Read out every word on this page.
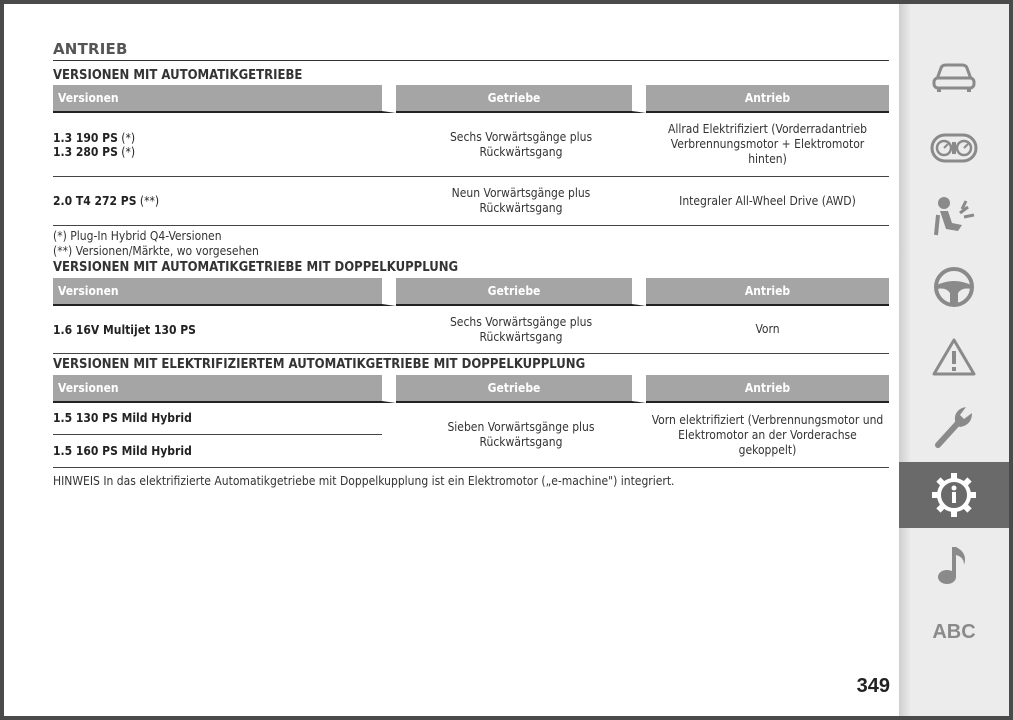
ANTRIEB
VERSIONEN MIT AUTOMATIKGETRIEBE
Versionen	Getriebe	Antrieb

1.3 190 PS (*)
1.3 280 PS (*)	Sechs Vorwärtsgänge plus Rückwärtsgang	Allrad Elektrifiziert (Vorderradantrieb Verbrennungsmotor + Elektromotor hinten)

2.0 T4 272 PS (**)	Neun Vorwärtsgänge plus Rückwärtsgang	Integraler All-Wheel Drive (AWD)
(*) Plug-In Hybrid Q4-Versionen
(**) Versionen/Märkte, wo vorgesehen
VERSIONEN MIT AUTOMATIKGETRIEBE MIT DOPPELKUPPLUNG
Versionen	Getriebe	Antrieb
1.6 16V Multijet 130 PS	Sechs Vorwärtsgänge plus Rückwärtsgang	Vorn
VERSIONEN MIT ELEKTRIFIZIERTEM AUTOMATIKGETRIEBE MIT DOPPELKUPPLUNG
Versionen	Getriebe	Antrieb

1.5 130 PS Mild Hybrid
1.5 160 PS Mild Hybrid	Sieben Vorwärtsgänge plus Rückwärtsgang	Vorn elektrifiziert (Verbrennungsmotor und Elektromotor an der Vorderachse gekoppelt)
HINWEIS In das elektrifizierte Automatikgetriebe mit Doppelkupplung ist ein Elektromotor („e-machine") integriert.
349
ABC
